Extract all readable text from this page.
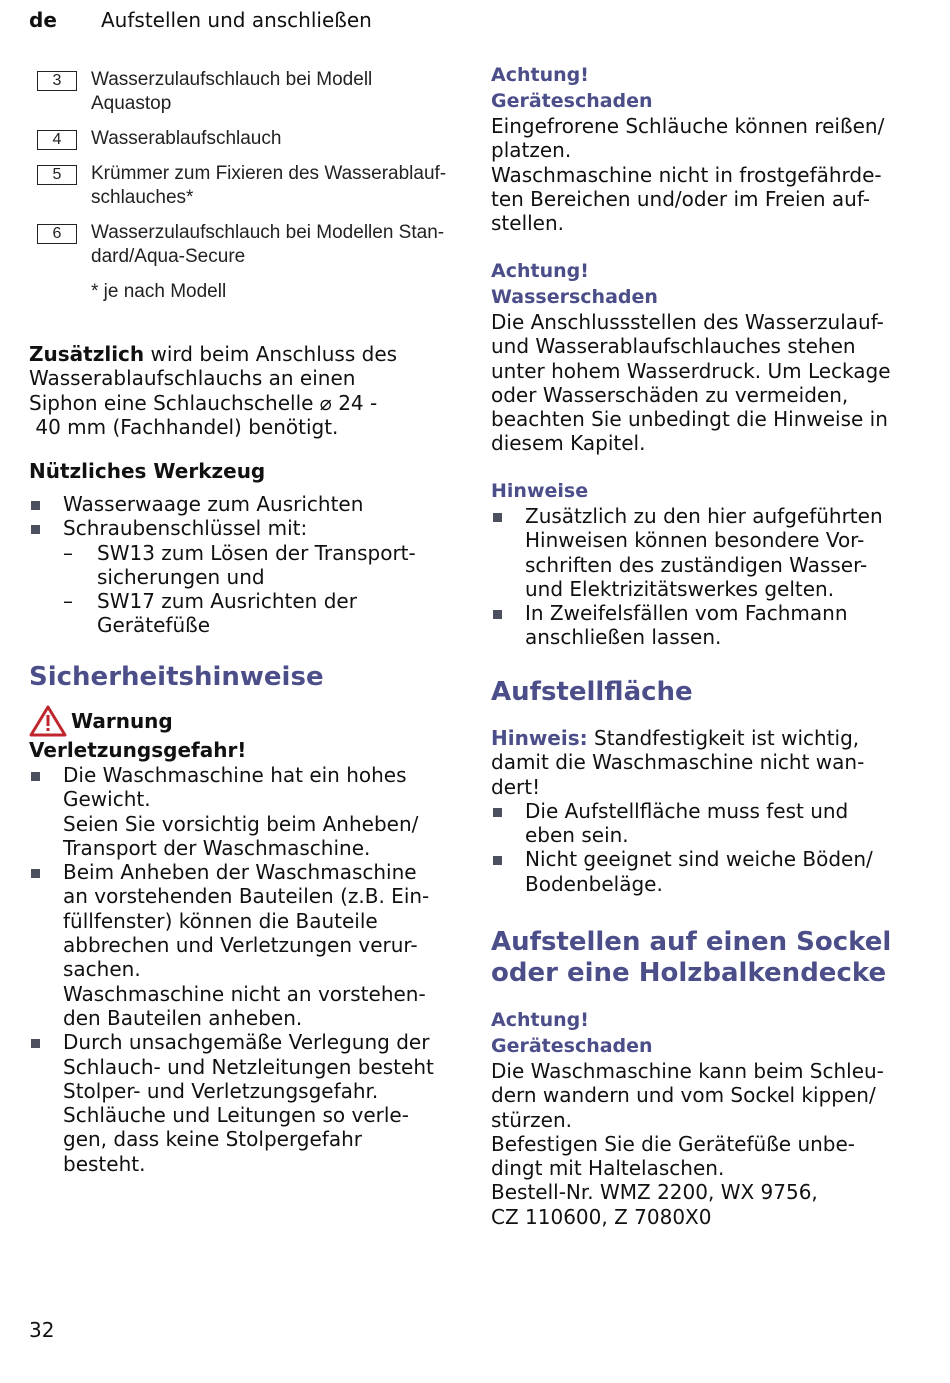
de Aufstellen und anschließen
3	Wasserzulaufschlauch bei Modell
Aquastop
4	Wasserablaufschlauch
5	Krümmer zum Fixieren des Wasserablauf-
schlauches*
6	Wasserzulaufschlauch bei Modellen Stan-
dard/Aqua-Secure
* je nach Modell
Zusätzlich wird beim Anschluss des
Wasserablaufschlauchs an einen
Siphon eine Schlauchschelle ⌀ 24 -
40 mm (Fachhandel) benötigt.
Nützliches Werkzeug
Wasserwaage zum Ausrichten
Schraubenschlüssel mit:
– SW13 zum Lösen der Transport-
sicherungen und
– SW17 zum Ausrichten der
Gerätefüße
Sicherheitshinweise
Warnung
Verletzungsgefahr!
Die Waschmaschine hat ein hohes
Gewicht.
Seien Sie vorsichtig beim Anheben/
Transport der Waschmaschine.
Beim Anheben der Waschmaschine
an vorstehenden Bauteilen (z.B. Ein-
füllfenster) können die Bauteile
abbrechen und Verletzungen verur-
sachen.
Waschmaschine nicht an vorstehen-
den Bauteilen anheben.
Durch unsachgemäße Verlegung der
Schlauch- und Netzleitungen besteht
Stolper- und Verletzungsgefahr.
Schläuche und Leitungen so verle-
gen, dass keine Stolpergefahr
besteht.
Achtung!
Geräteschaden
Eingefrorene Schläuche können reißen/
platzen.
Waschmaschine nicht in frostgefährde-
ten Bereichen und/oder im Freien auf-
stellen.
Achtung!
Wasserschaden
Die Anschlussstellen des Wasserzulauf-
und Wasserablaufschlauches stehen
unter hohem Wasserdruck. Um Leckage
oder Wasserschäden zu vermeiden,
beachten Sie unbedingt die Hinweise in
diesem Kapitel.
Hinweise
Zusätzlich zu den hier aufgeführten
Hinweisen können besondere Vor-
schriften des zuständigen Wasser-
und Elektrizitätswerkes gelten.
In Zweifelsfällen vom Fachmann
anschließen lassen.
Aufstellfläche
Hinweis: Standfestigkeit ist wichtig,
damit die Waschmaschine nicht wan-
dert!
Die Aufstellfläche muss fest und
eben sein.
Nicht geeignet sind weiche Böden/
Bodenbeläge.
Aufstellen auf einen Sockel
oder eine Holzbalkendecke
Achtung!
Geräteschaden
Die Waschmaschine kann beim Schleu-
dern wandern und vom Sockel kippen/
stürzen.
Befestigen Sie die Gerätefüße unbe-
dingt mit Haltelaschen.
Bestell-Nr. WMZ 2200, WX 9756,
CZ 110600, Z 7080X0
32
